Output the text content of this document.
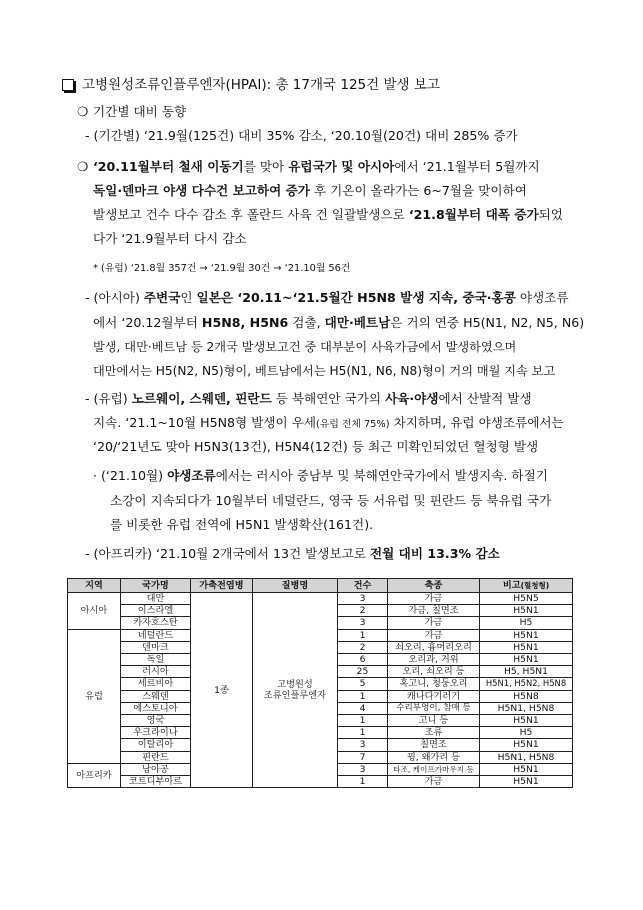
고병원성조류인플루엔자(HPAI): 총 17개국 125건 발생 보고
❍ 기간별 대비 동향
- (기간별) ‘21.9월(125건) 대비 35% 감소, ‘20.10월(20건) 대비 285% 증가
❍ ‘20.11월부터 철새 이동기를 맞아 유럽국가 및 아시아에서 ‘21.1월부터 5월까지
독일·덴마크 야생 다수건 보고하여 증가 후 기온이 올라가는 6~7월을 맞이하여
발생보고 건수 다수 감소 후 폴란드 사육 건 일괄발생으로 ‘21.8월부터 대폭 증가되었
다가 ‘21.9월부터 다시 감소
* (유럽) ‘21.8월 357건 → ‘21.9월 30건 → ‘21.10월 56건
- (아시아) 주변국인 일본은 ‘20.11~‘21.5월간 H5N8 발생 지속, 중국·홍콩 야생조류
에서 ‘20.12월부터 H5N8, H5N6 검출, 대만·베트남은 거의 연중 H5(N1, N2, N5, N6)
발생, 대만·베트남 등 2개국 발생보고건 중 대부분이 사육가금에서 발생하였으며
대만에서는 H5(N2, N5)형이, 베트남에서는 H5(N1, N6, N8)형이 거의 매월 지속 보고
- (유럽) 노르웨이, 스웨덴, 핀란드 등 북해연안 국가의 사육·야생에서 산발적 발생
지속. ‘21.1~10월 H5N8형 발생이 우세(유럽 전체 75%) 차지하며, 유럽 야생조류에서는
‘20/‘21년도 맞아 H5N3(13건), H5N4(12건) 등 최근 미확인되었던 혈청형 발생
· (‘21.10월) 야생조류에서는 러시아 중남부 및 북해연안국가에서 발생지속. 하절기
소강이 지속되다가 10월부터 네덜란드, 영국 등 서유럽 및 핀란드 등 북유럽 국가
를 비롯한 유럽 전역에 H5N1 발생확산(161건).
- (아프리카) ‘21.10월 2개국에서 13건 발생보고로 전월 대비 13.3% 감소
지역	국가명	가축전염병	질병명	건수	축종	비고(혈청형)
아시아	대만	1종	고병원성
조류인플루엔자	3	가금	H5N5
	이스라엘			2	가금, 칠면조	H5N1
	카자흐스탄			3	가금	H5
유럽	네덜란드			1	가금	H5N1
	덴마크			2	쇠오리, 흉머리오리	H5N1
	독일			6	오리과, 거위	H5N1
	러시아			25	오리, 쇠오리 등	H5, H5N1
	세르비아			5	혹고니, 청둥오리	H5N1, H5N2, H5N8
	스웨덴			1	캐나다기러기	H5N8
	에스토니아			4	수리부엉이, 참매 등	H5N1, H5N8
	영국			1	고니 등	H5N1
	우크라이나			1	조류	H5
	이탈리아			3	칠면조	H5N1
	핀란드			7	꿩, 왜가리 등	H5N1, H5N8
아프리카	남아공			3	타조, 케이프가마우지 등	H5N1
	코트디부아르			1	가금	H5N1
